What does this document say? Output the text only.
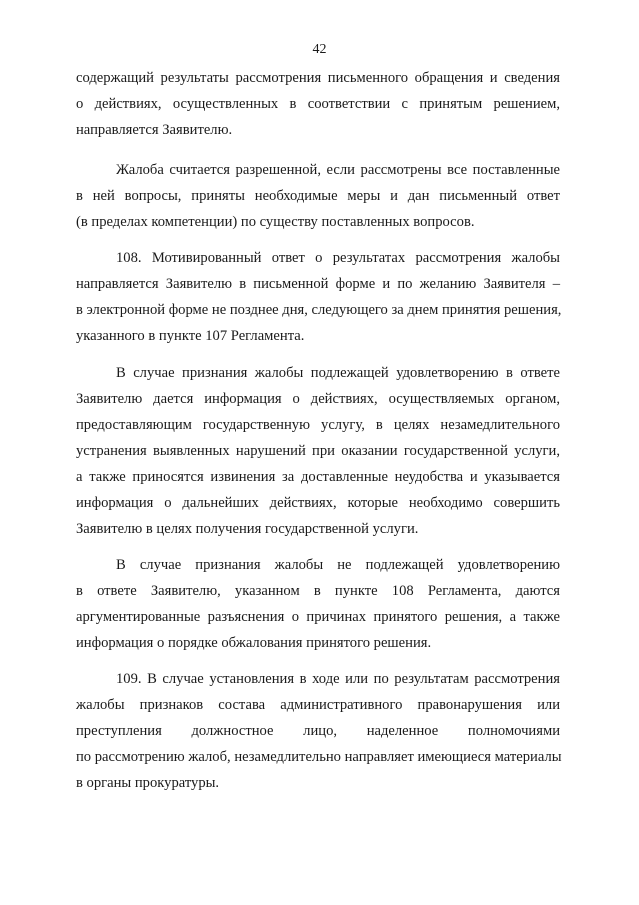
42
содержащий результаты рассмотрения письменного обращения и сведения
о действиях, осуществленных в соответствии с принятым решением,
направляется Заявителю.
Жалоба считается разрешенной, если рассмотрены все поставленные
в ней вопросы, приняты необходимые меры и дан письменный ответ
(в пределах компетенции) по существу поставленных вопросов.
108. Мотивированный ответ о результатах рассмотрения жалобы
направляется Заявителю в письменной форме и по желанию Заявителя –
в электронной форме не позднее дня, следующего за днем принятия решения,
указанного в пункте 107 Регламента.
В случае признания жалобы подлежащей удовлетворению в ответе
Заявителю дается информация о действиях, осуществляемых органом,
предоставляющим государственную услугу, в целях незамедлительного
устранения выявленных нарушений при оказании государственной услуги,
а также приносятся извинения за доставленные неудобства и указывается
информация о дальнейших действиях, которые необходимо совершить
Заявителю в целях получения государственной услуги.
В случае признания жалобы не подлежащей удовлетворению
в ответе Заявителю, указанном в пункте 108 Регламента, даются
аргументированные разъяснения о причинах принятого решения, а также
информация о порядке обжалования принятого решения.
109. В случае установления в ходе или по результатам рассмотрения
жалобы признаков состава административного правонарушения или
преступления должностное лицо, наделенное полномочиями
по рассмотрению жалоб, незамедлительно направляет имеющиеся материалы
в органы прокуратуры.
